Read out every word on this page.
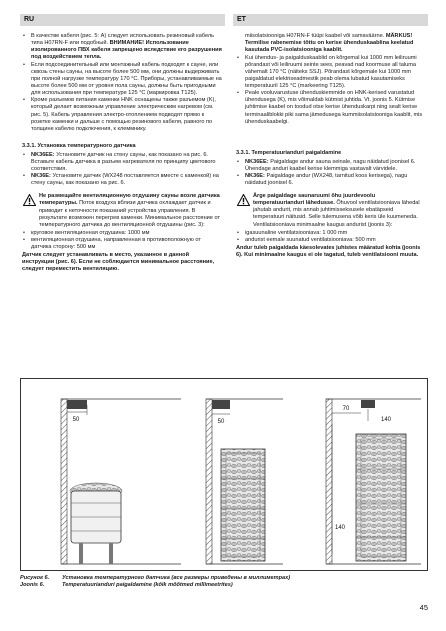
RU	ET
• В качестве кабеля (рис. 5: А) следует использовать резиновый кабель типа H07RN-F или подобный. ВНИМАНИЕ! Использование изолированного ПВХ кабеля запрещено вследствие его разрушения под воздействием тепла.
• Если подсоединительный или монтажный кабель подходят к сауне, или сквозь стены сауны, на высоте более 500 мм, они должны выдерживать при полной нагрузке температуру 170 °С. Приборы, устанавливаемые на высоте более 500 мм от уровня пола сауны, должны быть пригодными для использования при температуре 125 °С (маркировка Т125).
• Кроме разъемов питания каменки HNK оснащены также разъемом (K), который делает возможным управление электрическим нагревом (см. рис. 5). Кабель управления электро-отоплением подводят прямо к розетке каменки и дальше с помощью резинового кабеля, равного по толщине кабелю подключения, к клеммнику.
3.3.1. Установка температурного датчика
• NK36EE: Установите датчик на стену сауны, как показано на рис. 6. Вставьте кабель датчика в разъем нагревателя по принципу цветового соответствия.
• NK36E: Установите датчик (WX248 поставляется вместе с каменкой) на стену сауны, как показано на рис. 6.
Не размещайте вентиляционную отдушину сауны возле датчика температуры. Поток воздуха вблизи датчика охлаждает датчик и приводит к неточности показаний устройства управления. В результате возможен перегрев каменки. Минимальное расстояние от температурного датчика до вентиляционной отдушины (рис. 3):
• круговое вентиляционная отдушина: 1000 мм
• вентиляционная отдушина, направленная в противоположную от датчика сторону: 500 мм
Датчик следует устанавливать в место, указанное в данной инструкции (рис. 6). Если не соблюдается минимальное расстояние, следует переместить вентиляцию.
miisolatsiooniga H07RN-F tüüpi kaabel või samaväärne. MÄRKUS! Termilise rabenemise tõttu on kerise ühenduskaablina keelatud kasutada PVC-isolatsiooniga kaablit.
• Kui ühendus- ja paigalduskaablid on kõrgemal kui 1000 mm leiliruumi põrandast või leiliruumi seinte sees, peavad nad koormuse all taluma vähemalt 170 °C (näiteks SSJ). Põrandast kõrgemale kui 1000 mm paigaldatud elektriseadmestik peab olema lubatud kasutamiseks temperatuuril 125 °C (markeering T125).
• Peale vooluvarustuse ühenduskiemmide on HNK-kerised varustatud ühendusega (K), mis võimaldab kütmist juhtida. Vt. joonis 5. Kütmise juhtimise kaabel on toodud otse kerise ühenduskarpi ning sealt kerise terminaaliblokki piki sama jämedusega kummiisolatsiooniga kaablit, mis ühenduskaabelgi.
3.3.1. Temperatuurianduri paigaldamine
• NK36EE: Paigaldage andur sauna seinale, nagu näidatud joonisel 6. Ühendage anduri kaabel kerise klemmiga vastavalt värvidele.
• NK36E: Paigaldage andur (WX248, tarnitud koos kerisega), nagu näidatud joonisel 6.
Ärge paigaldage saunaruumi õhu juurdevoolu temperatuurianduri lähedusse. Õhuvool ventilatsiooniava lähedal jahutab andurit, mis annab juhtimisseksusele ebatäpseid temperatuuri näitusid. Selle tulemusena võib keris üle kuumeneda. Ventilatsiooniava minimaalne kaugus andurist (joonis 3):
• igasuunaline ventilatsiooniava: 1 000 mm
• andurist eemale suunatud ventilatsiooniava: 500 mm
Andur tuleb paigaldada käesolevates juhistes määratud kohta (joonis 6). Kui minimaalne kaugus ei ole tagatud, tuleb ventilatsiooni muuta.
50	50
70
140
140
Рисунок 6. Установка температурного датчика (все размеры приведены в миллиметрах)
Joonis 6.	Temperatuurianduri paigaldamine (kõik mõõtmed millimeetrites)
45
